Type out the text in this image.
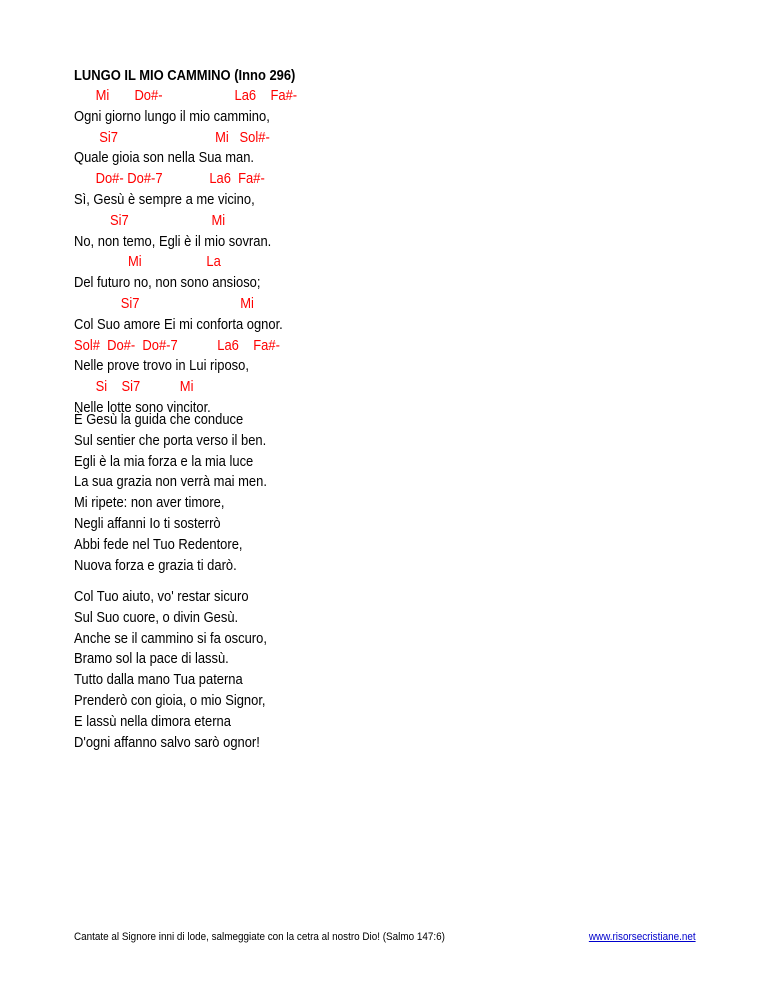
LUNGO IL MIO CAMMINO (Inno 296)
Mi       Do#-                    La6    Fa#-
Ogni giorno lungo il mio cammino,
Si7                           Mi   Sol#-
Quale gioia son nella Sua man.
Do#- Do#-7             La6  Fa#-
Sì, Gesù è sempre a me vicino,
Si7                       Mi
No, non temo, Egli è il mio sovran.
Mi                  La
Del futuro no, non sono ansioso;
Si7                            Mi
Col Suo amore Ei mi conforta ognor.
Sol#  Do#-  Do#-7           La6    Fa#-
Nelle prove trovo in Lui riposo,
Si    Si7           Mi
Nelle lotte sono vincitor.
È Gesù la guida che conduce
Sul sentier che porta verso il ben.
Egli è la mia forza e la mia luce
La sua grazia non verrà mai men.
Mi ripete: non aver timore,
Negli affanni Io ti sosterrò
Abbi fede nel Tuo Redentore,
Nuova forza e grazia ti darò.
Col Tuo aiuto, vo' restar sicuro
Sul Suo cuore, o divin Gesù.
Anche se il cammino si fa oscuro,
Bramo sol la pace di lassù.
Tutto dalla mano Tua paterna
Prenderò con gioia, o mio Signor,
E lassù nella dimora eterna
D'ogni affanno salvo sarò ognor!
Cantate al Signore inni di lode, salmeggiate con la cetra al nostro Dio! (Salmo 147:6)	www.risorsecristiane.net
